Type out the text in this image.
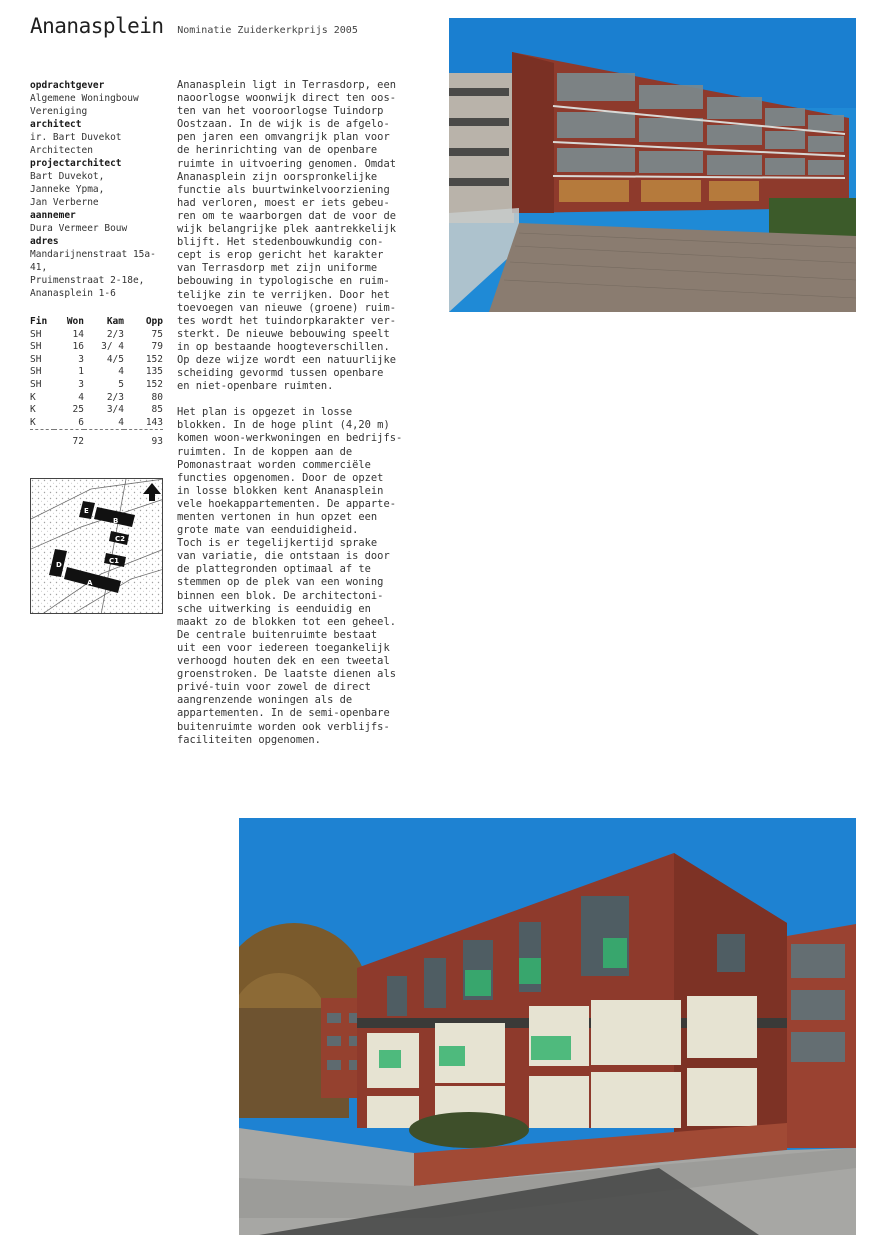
Ananasplein Nominatie Zuiderkerkprijs 2005
opdrachtgever
Algemene Woningbouw
Vereniging
architect
ir. Bart Duvekot
Architecten
projectarchitect
Bart Duvekot,
Janneke Ypma,
Jan Verberne
aannemer
Dura Vermeer Bouw
adres
Mandarijnenstraat 15a-41,
Pruimenstraat 2-18e,
Ananasplein 1-6
Fin	Won	Kam	Opp
SH	14	2/3	75
SH	16	3/ 4	79
SH	3	4/5	152
SH	1	4	135
SH	3	5	152
K	4	2/3	80
K	25	3/4	85
K	6	4	143

	72		93
E
B
C2
C1
D
A

Ananasplein ligt in Terrasdorp, een
naoorlogse woonwijk direct ten oos-
ten van het vooroorlogse Tuindorp
Oostzaan. In de wijk is de afgelo-
pen jaren een omvangrijk plan voor
de herinrichting van de openbare
ruimte in uitvoering genomen. Omdat
Ananasplein zijn oorspronkelijke
functie als buurtwinkelvoorziening
had verloren, moest er iets gebeu-
ren om te waarborgen dat de voor de
wijk belangrijke plek aantrekkelijk
blijft. Het stedenbouwkundig con-
cept is erop gericht het karakter
van Terrasdorp met zijn uniforme
bebouwing in typologische en ruim-
telijke zin te verrijken. Door het
toevoegen van nieuwe (groene) ruim-
tes wordt het tuindorpkarakter ver-
sterkt. De nieuwe bebouwing speelt
in op bestaande hoogteverschillen.
Op deze wijze wordt een natuurlijke
scheiding gevormd tussen openbare
en niet-openbare ruimten.

Het plan is opgezet in losse
blokken. In de hoge plint (4,20 m)
komen woon-werkwoningen en bedrijfs-
ruimten. In de koppen aan de
Pomonastraat worden commerciële
functies opgenomen. Door de opzet
in losse blokken kent Ananasplein
vele hoekappartementen. De apparte-
menten vertonen in hun opzet een
grote mate van eenduidigheid.
Toch is er tegelijkertijd sprake
van variatie, die ontstaan is door
de plattegronden optimaal af te
stemmen op de plek van een woning
binnen een blok. De architectoni-
sche uitwerking is eenduidig en
maakt zo de blokken tot een geheel.
De centrale buitenruimte bestaat
uit een voor iedereen toegankelijk
verhoogd houten dek en een tweetal
groenstroken. De laatste dienen als
privé-tuin voor zowel de direct
aangrenzende woningen als de
appartementen. In de semi-openbare
buitenruimte worden ook verblijfs-
faciliteiten opgenomen.
